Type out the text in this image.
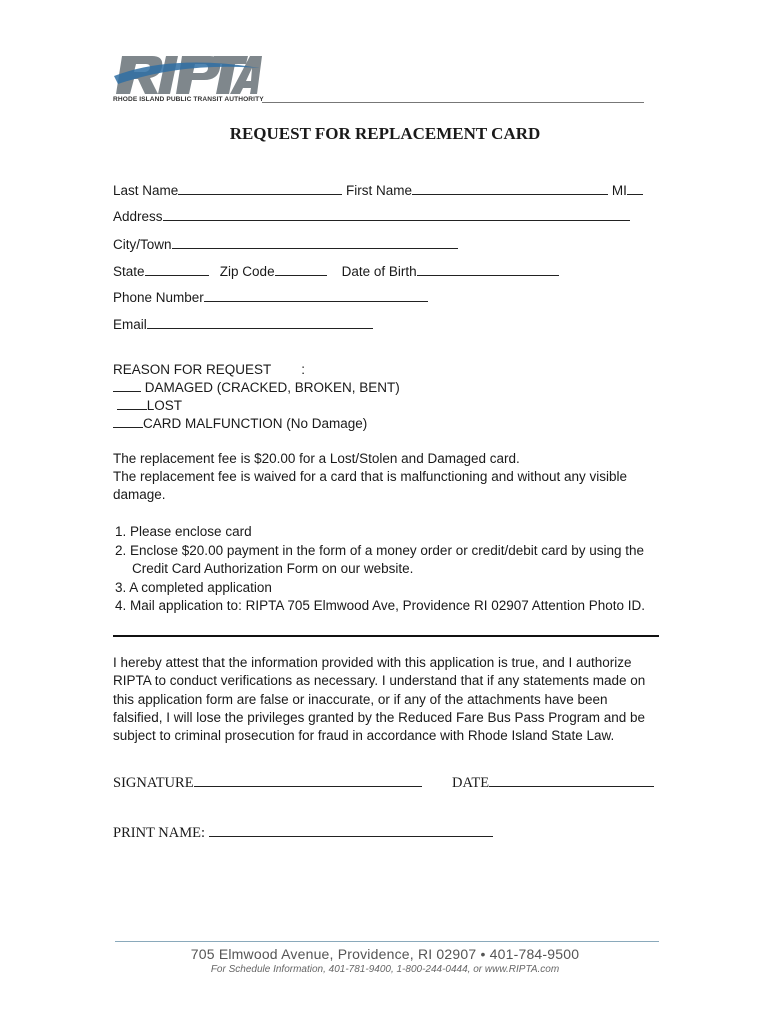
RHODE ISLAND PUBLIC TRANSIT AUTHORITY
REQUEST FOR REPLACEMENT CARD
Last Name	First Name	MI
Address
City/Town
State	Zip Code	Date of Birth
Phone Number
Email
REASON FOR REQUEST :
DAMAGED (CRACKED, BROKEN, BENT)
LOST
CARD MALFUNCTION (No Damage)
The replacement fee is $20.00 for a Lost/Stolen and Damaged card.
The replacement fee is waived for a card that is malfunctioning and without any visible
damage.
1. Please enclose card
2. Enclose $20.00 payment in the form of a money order or credit/debit card by using the
Credit Card Authorization Form on our website.
3. A completed application
4. Mail application to: RIPTA 705 Elmwood Ave, Providence RI 02907 Attention Photo ID.
I hereby attest that the information provided with this application is true, and I authorize
RIPTA to conduct verifications as necessary. I understand that if any statements made on
this application form are false or inaccurate, or if any of the attachments have been
falsified, I will lose the privileges granted by the Reduced Fare Bus Pass Program and be
subject to criminal prosecution for fraud in accordance with Rhode Island State Law.
SIGNATURE	DATE
PRINT NAME:
705 Elmwood Avenue, Providence, RI 02907 • 401-784-9500
For Schedule Information, 401-781-9400, 1-800-244-0444, or www.RIPTA.com
